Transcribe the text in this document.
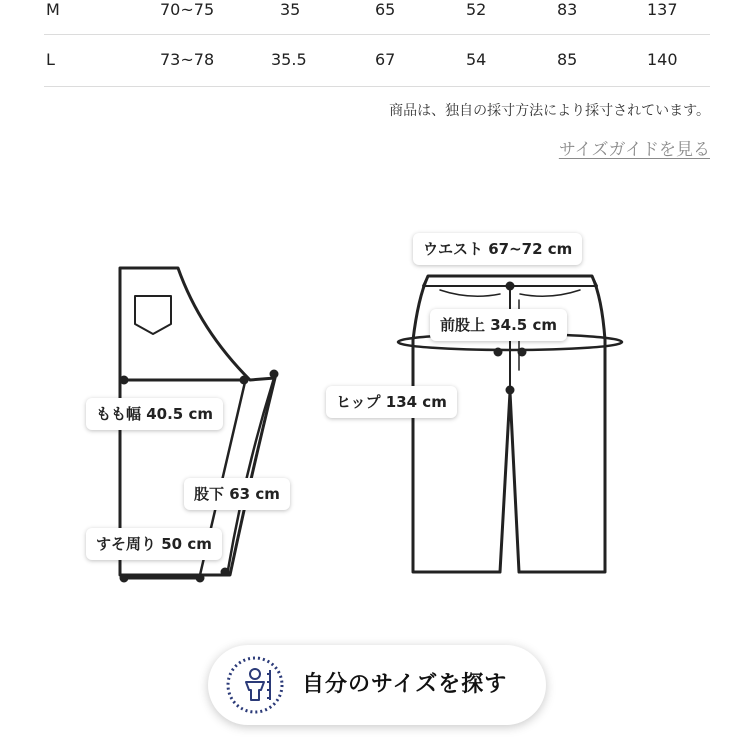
M	70~75	35	65	52	83	137
L	73~78	35.5	67	54	85	140
商品は、独自の採寸方法により採寸されています。
サイズガイドを見る
もも幅 40.5 cm
股下 63 cm
すそ周り 50 cm
ウエスト 67~72 cm
前股上 34.5 cm
ヒップ 134 cm
自分のサイズを探す
